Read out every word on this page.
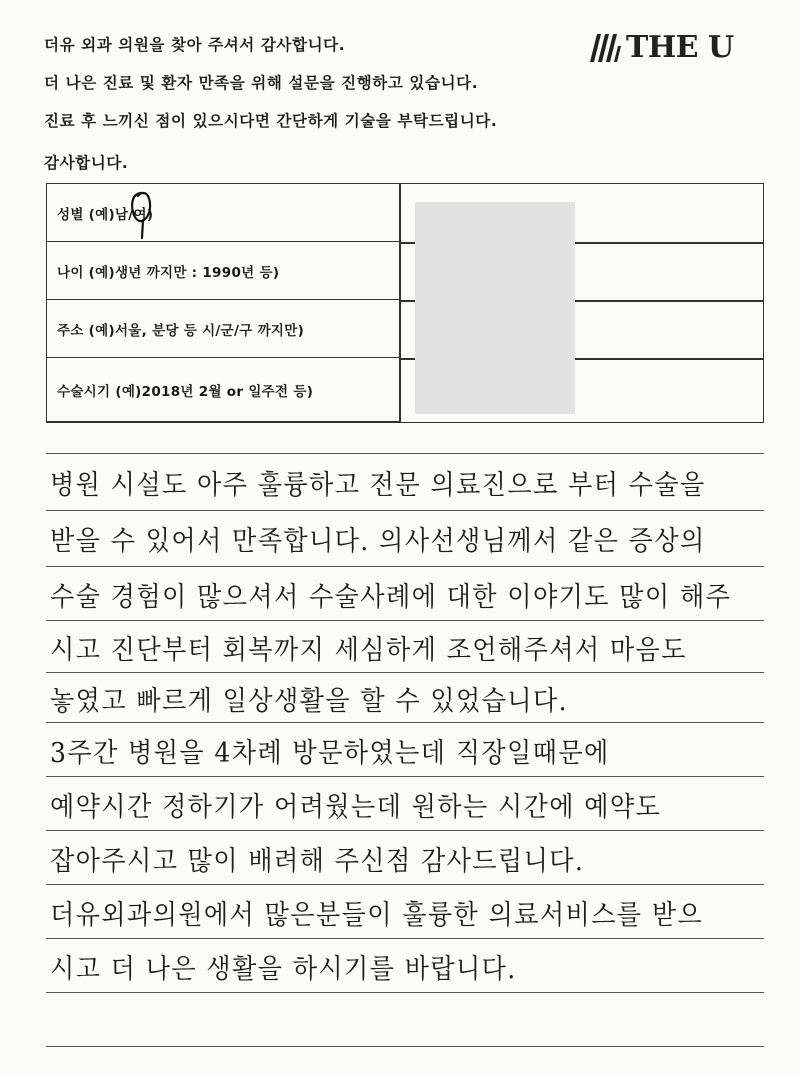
더유 외과 의원을 찾아 주셔서 감사합니다.
더 나은 진료 및 환자 만족을 위해 설문을 진행하고 있습니다.
진료 후 느끼신 점이 있으시다면 간단하게 기술을 부탁드립니다.
감사합니다.
THE U
성별 (예)남/여)
나이 (예)생년 까지만 : 1990년 등)
주소 (예)서울, 분당 등 시/군/구 까지만)
수술시기 (예)2018년 2월 or 일주전 등)
병원 시설도 아주 훌륭하고 전문 의료진으로 부터 수술을
받을 수 있어서 만족합니다. 의사선생님께서 같은 증상의
수술 경험이 많으셔서 수술사례에 대한 이야기도 많이 해주
시고 진단부터 회복까지 세심하게 조언해주셔서 마음도
놓였고 빠르게 일상생활을 할 수 있었습니다.
3주간 병원을 4차례 방문하였는데 직장일때문에
예약시간 정하기가 어려웠는데 원하는 시간에 예약도
잡아주시고 많이 배려해 주신점 감사드립니다.
더유외과의원에서 많은분들이 훌륭한 의료서비스를 받으
시고 더 나은 생활을 하시기를 바랍니다.
